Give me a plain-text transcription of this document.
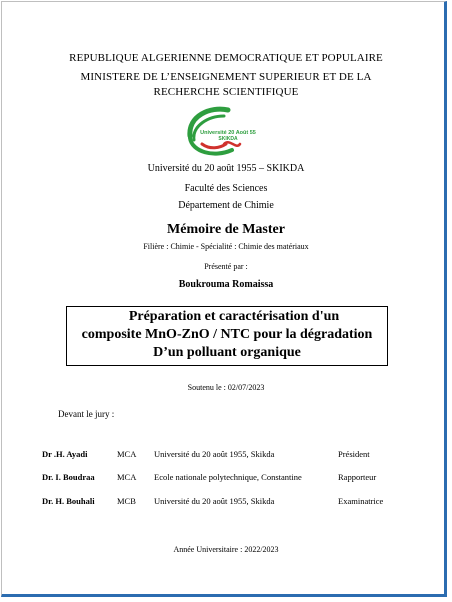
REPUBLIQUE ALGERIENNE DEMOCRATIQUE ET POPULAIRE
MINISTERE DE L’ENSEIGNEMENT SUPERIEUR ET DE LA
RECHERCHE SCIENTIFIQUE
Université 20 Août 55
SKIKDA
Université du 20 août 1955 – SKIKDA
Faculté des Sciences
Département de Chimie
Mémoire de Master
Filière : Chimie - Spécialité : Chimie des matériaux
Présenté par :
Boukrouma Romaissa
Préparation et caractérisation d'un
composite MnO-ZnO / NTC pour la dégradation
D’un polluant organique
Soutenu le : 02/07/2023
Devant le jury :
Dr .H. Ayadi	MCA Université du 20 août 1955, Skikda	Président
Dr. I. Boudraa	MCA Ecole nationale polytechnique, Constantine	Rapporteur
Dr. H. Bouhali	MCB Université du 20 août 1955, Skikda	Examinatrice
Année Universitaire : 2022/2023
